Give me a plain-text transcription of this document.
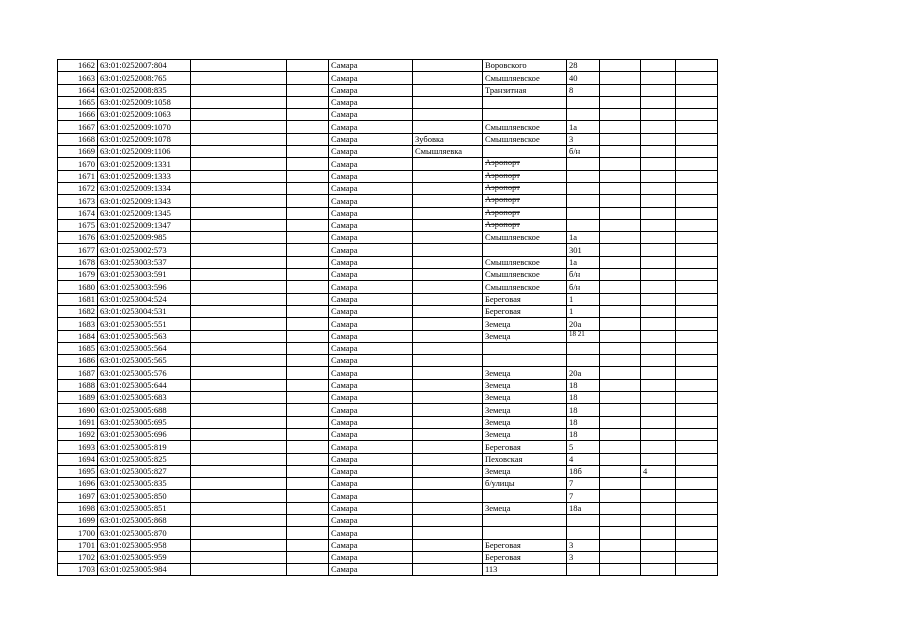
1662	63:01:0252007:804			Самара		Воровского	28			
1663	63:01:0252008:765			Самара		Смышляевское	40			
1664	63:01:0252008:835			Самара		Транзитная	8			
1665	63:01:0252009:1058			Самара						
1666	63:01:0252009:1063			Самара						
1667	63:01:0252009:1070			Самара		Смышляевское	1а			
1668	63:01:0252009:1078			Самара	Зубовка	Смышляевское	3			
1669	63:01:0252009:1106			Самара	Смышляевка		б/н			
1670	63:01:0252009:1331			Самара		Аэропорт				
1671	63:01:0252009:1333			Самара		Аэропорт				
1672	63:01:0252009:1334			Самара		Аэропорт				
1673	63:01:0252009:1343			Самара		Аэропорт				
1674	63:01:0252009:1345			Самара		Аэропорт				
1675	63:01:0252009:1347			Самара		Аэропорт				
1676	63:01:0252009:985			Самара		Смышляевское	1а			
1677	63:01:0253002:573			Самара			301			
1678	63:01:0253003:537			Самара		Смышляевское	1а			
1679	63:01:0253003:591			Самара		Смышляевское	б/н			
1680	63:01:0253003:596			Самара		Смышляевское	б/н			
1681	63:01:0253004:524			Самара		Береговая	1			
1682	63:01:0253004:531			Самара		Береговая	1			
1683	63:01:0253005:551			Самара		Земеца	20а			
1684	63:01:0253005:563			Самара		Земеца	18 21			
1685	63:01:0253005:564			Самара						
1686	63:01:0253005:565			Самара						
1687	63:01:0253005:576			Самара		Земеца	20а			
1688	63:01:0253005:644			Самара		Земеца	18			
1689	63:01:0253005:683			Самара		Земеца	18			
1690	63:01:0253005:688			Самара		Земеца	18			
1691	63:01:0253005:695			Самара		Земеца	18			
1692	63:01:0253005:696			Самара		Земеца	18			
1693	63:01:0253005:819			Самара		Береговая	5			
1694	63:01:0253005:825			Самара		Пеховская	4			
1695	63:01:0253005:827			Самара		Земеца	18б		4	
1696	63:01:0253005:835			Самара		б/улицы	7			
1697	63:01:0253005:850			Самара			7			
1698	63:01:0253005:851			Самара		Земеца	18а			
1699	63:01:0253005:868			Самара						
1700	63:01:0253005:870			Самара						
1701	63:01:0253005:958			Самара		Береговая	3			
1702	63:01:0253005:959			Самара		Береговая	3			
1703	63:01:0253005:984			Самара		113				
